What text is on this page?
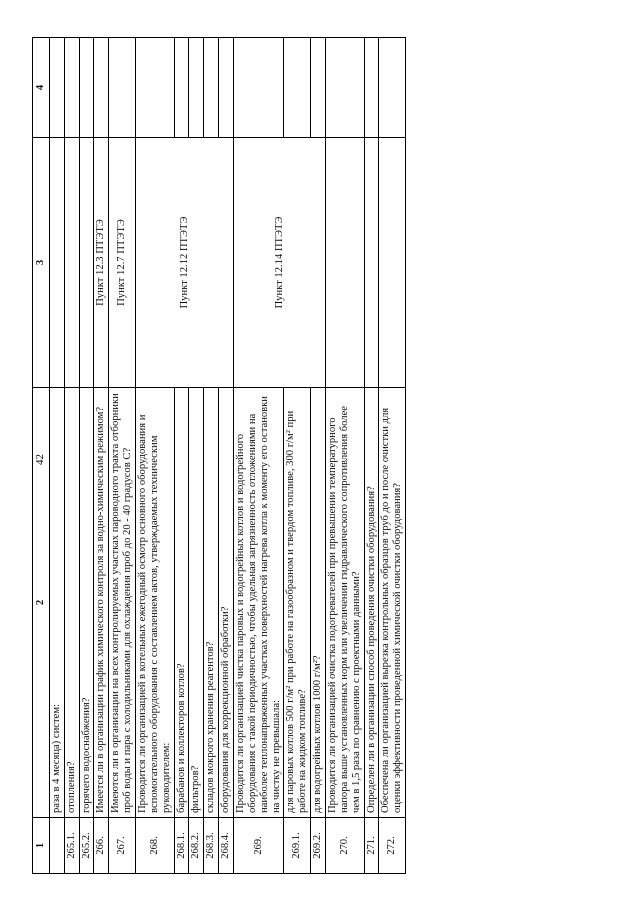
42
1	2	3	4
	раза в 4 месяца) систем:		
265.1.	отопления?		
265.2.	горячего водоснабжения?		
266.	Имеется ли в организации график химического контроля за водно-химическим режимом?	Пункт 12.3 ПТЭТЭ	
267.	Имеются ли в организации на всех контролируемых участках пароводного тракта отборники проб воды и пара с холодильниками для охлаждения проб до 20 - 40 градусов С?	Пункт 12.7 ПТЭТЭ	
268.	Проводится ли организацией в котельных ежегодный осмотр основного оборудования и вспомогательного оборудования с составлением актов, утверждаемых техническим руководителем:	Пункт 12.12 ПТЭТЭ	
268.1.	барабанов и коллекторов котлов?		
268.2.	фильтров?		
268.3.	складов мокрого хранения реагентов?		
268.4.	оборудования для коррекционной обработки?		
269.	Проводится ли организацией чистка паровых и водогрейных котлов и водогрейного оборудования с такой периодичностью, чтобы удельная загрязненность отложениями на наиболее теплонапряженных участках поверхностей нагрева котла к моменту его остановки на чистку не превышала:	Пункт 12.14 ПТЭТЭ	
269.1.	для паровых котлов 500 г/м² при работе на газообразном и твердом топливе, 300 г/м² при работе на жидком топливе?		
269.2.	для водогрейных котлов 1000 г/м²?		
270.	Проводится ли организацией очистка подогревателей при превышении температурного напора выше установленных норм или увеличении гидравлического сопротивления более чем в 1,5 раза по сравнению с проектными данными?		
271.	Определен ли в организации способ проведения очистки оборудования?		
272.	Обеспечена ли организацией вырезка контрольных образцов труб до и после очистки для оценки эффективности проведенной химической очистки оборудования?		
